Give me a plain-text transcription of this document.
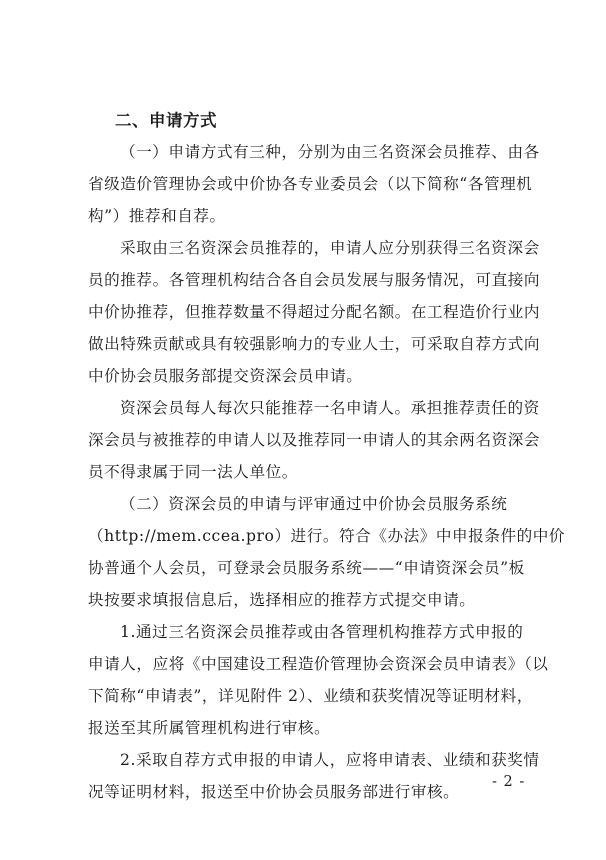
二、申请方式
（一）申请方式有三种，分别为由三名资深会员推荐、由各
省级造价管理协会或中价协各专业委员会（以下简称“各管理机
构”）推荐和自荐。
采取由三名资深会员推荐的，申请人应分别获得三名资深会
员的推荐。各管理机构结合各自会员发展与服务情况，可直接向
中价协推荐，但推荐数量不得超过分配名额。在工程造价行业内
做出特殊贡献或具有较强影响力的专业人士，可采取自荐方式向
中价协会员服务部提交资深会员申请。
资深会员每人每次只能推荐一名申请人。承担推荐责任的资
深会员与被推荐的申请人以及推荐同一申请人的其余两名资深会
员不得隶属于同一法人单位。
（二）资深会员的申请与评审通过中价协会员服务系统
（http://mem.ccea.pro）进行。符合《办法》中申报条件的中价
协普通个人会员，可登录会员服务系统——“申请资深会员”板
块按要求填报信息后，选择相应的推荐方式提交申请。
1.通过三名资深会员推荐或由各管理机构推荐方式申报的
申请人，应将《中国建设工程造价管理协会资深会员申请表》（以
下简称“申请表”，详见附件 2）、业绩和获奖情况等证明材料，
报送至其所属管理机构进行审核。
2.采取自荐方式申报的申请人，应将申请表、业绩和获奖情
况等证明材料，报送至中价协会员服务部进行审核。
- 2 -
